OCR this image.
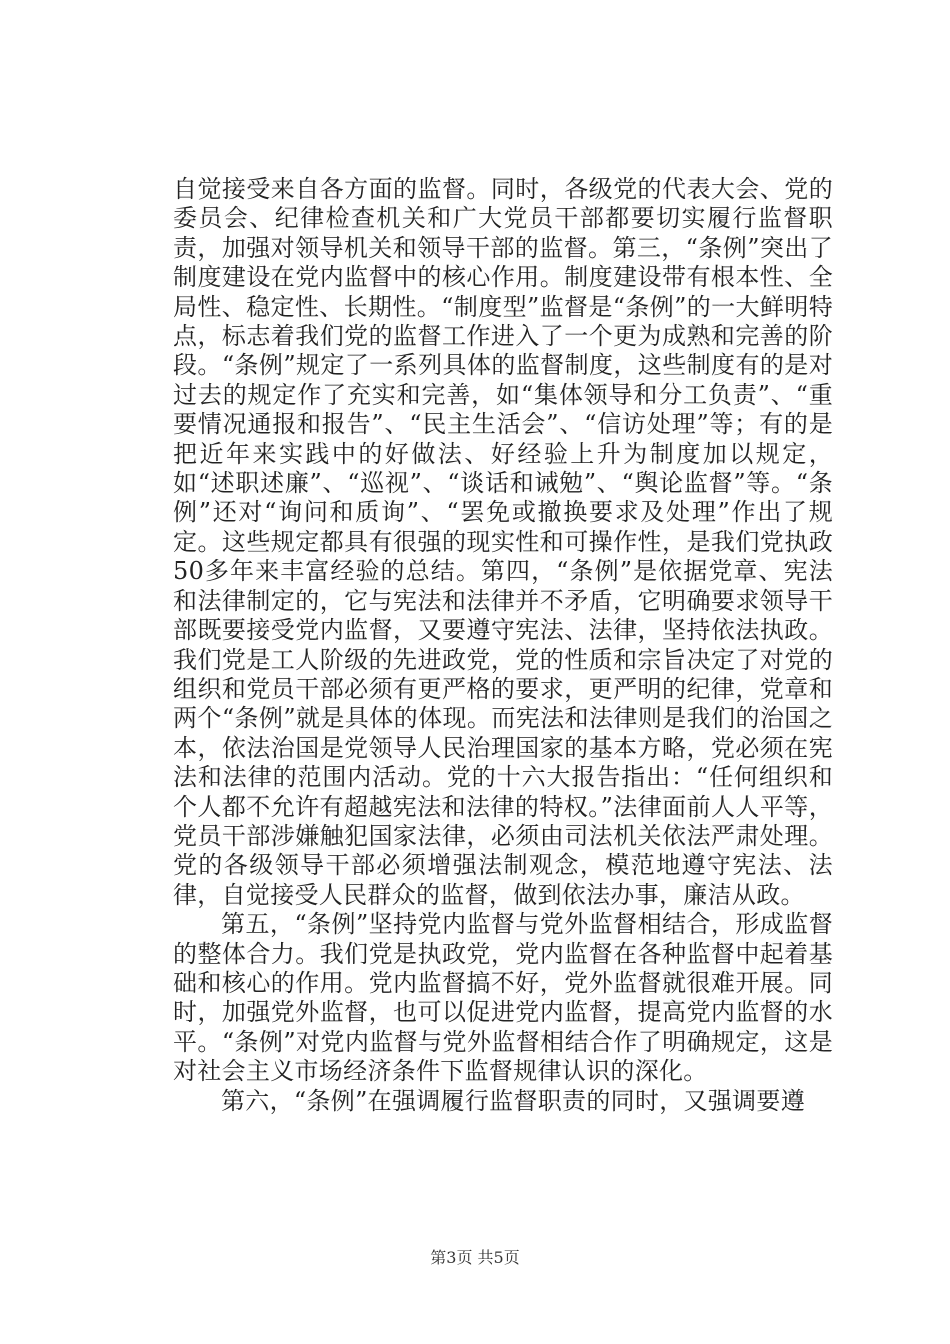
自觉接受来自各方面的监督。同时，各级党的代表大会、党的委员会、纪律检查机关和广大党员干部都要切实履行监督职责，加强对领导机关和领导干部的监督。第三，“条例”突出了制度建设在党内监督中的核心作用。制度建设带有根本性、全局性、稳定性、长期性。“制度型”监督是“条例”的一大鲜明特点，标志着我们党的监督工作进入了一个更为成熟和完善的阶段。“条例”规定了一系列具体的监督制度，这些制度有的是对过去的规定作了充实和完善，如“集体领导和分工负责”、“重要情况通报和报告”、“民主生活会”、“信访处理”等；有的是把近年来实践中的好做法、好经验上升为制度加以规定，如“述职述廉”、“巡视”、“谈话和诫勉”、“舆论监督”等。“条例”还对“询问和质询”、“罢免或撤换要求及处理”作出了规定。这些规定都具有很强的现实性和可操作性，是我们党执政50多年来丰富经验的总结。第四，“条例”是依据党章、宪法和法律制定的，它与宪法和法律并不矛盾，它明确要求领导干部既要接受党内监督，又要遵守宪法、法律，坚持依法执政。我们党是工人阶级的先进政党，党的性质和宗旨决定了对党的组织和党员干部必须有更严格的要求，更严明的纪律，党章和两个“条例”就是具体的体现。而宪法和法律则是我们的治国之本，依法治国是党领导人民治理国家的基本方略，党必须在宪法和法律的范围内活动。党的十六大报告指出：“任何组织和个人都不允许有超越宪法和法律的特权。”法律面前人人平等，党员干部涉嫌触犯国家法律，必须由司法机关依法严肃处理。党的各级领导干部必须增强法制观念，模范地遵守宪法、法律，自觉接受人民群众的监督，做到依法办事，廉洁从政。

第五，“条例”坚持党内监督与党外监督相结合，形成监督的整体合力。我们党是执政党，党内监督在各种监督中起着基础和核心的作用。党内监督搞不好，党外监督就很难开展。同时，加强党外监督，也可以促进党内监督，提高党内监督的水平。“条例”对党内监督与党外监督相结合作了明确规定，这是对社会主义市场经济条件下监督规律认识的深化。

第六，“条例”在强调履行监督职责的同时，又强调要遵

第3页 共5页
